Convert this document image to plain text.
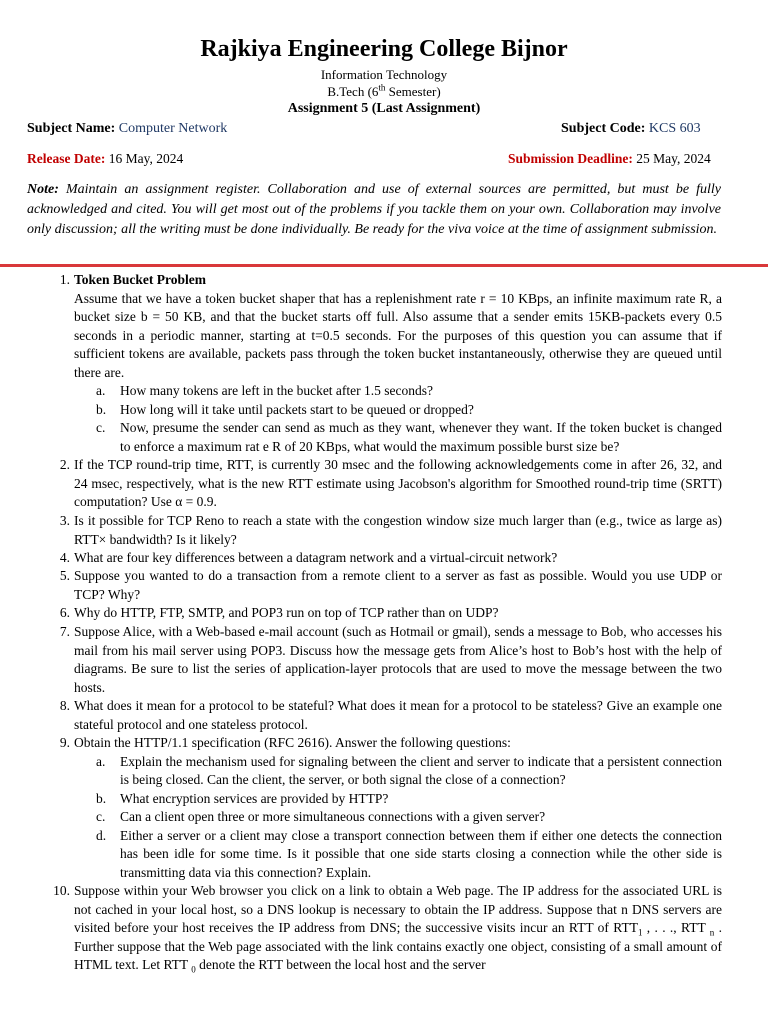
Rajkiya Engineering College Bijnor
Information Technology
B.Tech (6th Semester)
Assignment 5 (Last Assignment)
Subject Name: Computer Network	Subject Code: KCS 603
Release Date: 16 May, 2024	Submission Deadline: 25 May, 2024
Note: Maintain an assignment register. Collaboration and use of external sources are permitted, but must be fully acknowledged and cited. You will get most out of the problems if you tackle them on your own. Collaboration may involve only discussion; all the writing must be done individually. Be ready for the viva voice at the time of assignment submission.
1. Token Bucket Problem
Assume that we have a token bucket shaper that has a replenishment rate r = 10 KBps, an infinite maximum rate R, a bucket size b = 50 KB, and that the bucket starts off full. Also assume that a sender emits 15KB-packets every 0.5 seconds in a periodic manner, starting at t=0.5 seconds. For the purposes of this question you can assume that if sufficient tokens are available, packets pass through the token bucket instantaneously, otherwise they are queued until there are.
a. How many tokens are left in the bucket after 1.5 seconds?
b. How long will it take until packets start to be queued or dropped?
c. Now, presume the sender can send as much as they want, whenever they want. If the token bucket is changed to enforce a maximum rat e R of 20 KBps, what would the maximum possible burst size be?
2. If the TCP round-trip time, RTT, is currently 30 msec and the following acknowledgements come in after 26, 32, and 24 msec, respectively, what is the new RTT estimate using Jacobson's algorithm for Smoothed round-trip time (SRTT) computation? Use α = 0.9.
3. Is it possible for TCP Reno to reach a state with the congestion window size much larger than (e.g., twice as large as) RTT× bandwidth? Is it likely?
4. What are four key differences between a datagram network and a virtual-circuit network?
5. Suppose you wanted to do a transaction from a remote client to a server as fast as possible. Would you use UDP or TCP? Why?
6. Why do HTTP, FTP, SMTP, and POP3 run on top of TCP rather than on UDP?
7. Suppose Alice, with a Web-based e-mail account (such as Hotmail or gmail), sends a message to Bob, who accesses his mail from his mail server using POP3. Discuss how the message gets from Alice’s host to Bob’s host with the help of diagrams. Be sure to list the series of application-layer protocols that are used to move the message between the two hosts.
8. What does it mean for a protocol to be stateful? What does it mean for a protocol to be stateless? Give an example one stateful protocol and one stateless protocol.
9. Obtain the HTTP/1.1 specification (RFC 2616). Answer the following questions:
a. Explain the mechanism used for signaling between the client and server to indicate that a persistent connection is being closed. Can the client, the server, or both signal the close of a connection?
b. What encryption services are provided by HTTP?
c. Can a client open three or more simultaneous connections with a given server?
d. Either a server or a client may close a transport connection between them if either one detects the connection has been idle for some time. Is it possible that one side starts closing a connection while the other side is transmitting data via this connection? Explain.
10. Suppose within your Web browser you click on a link to obtain a Web page. The IP address for the associated URL is not cached in your local host, so a DNS lookup is necessary to obtain the IP address. Suppose that n DNS servers are visited before your host receives the IP address from DNS; the successive visits incur an RTT of $RTT_1$ , . . ., RTT $_n$ . Further suppose that the Web page associated with the link contains exactly one object, consisting of a small amount of HTML text. Let RTT $_0$ denote the RTT between the local host and the server
